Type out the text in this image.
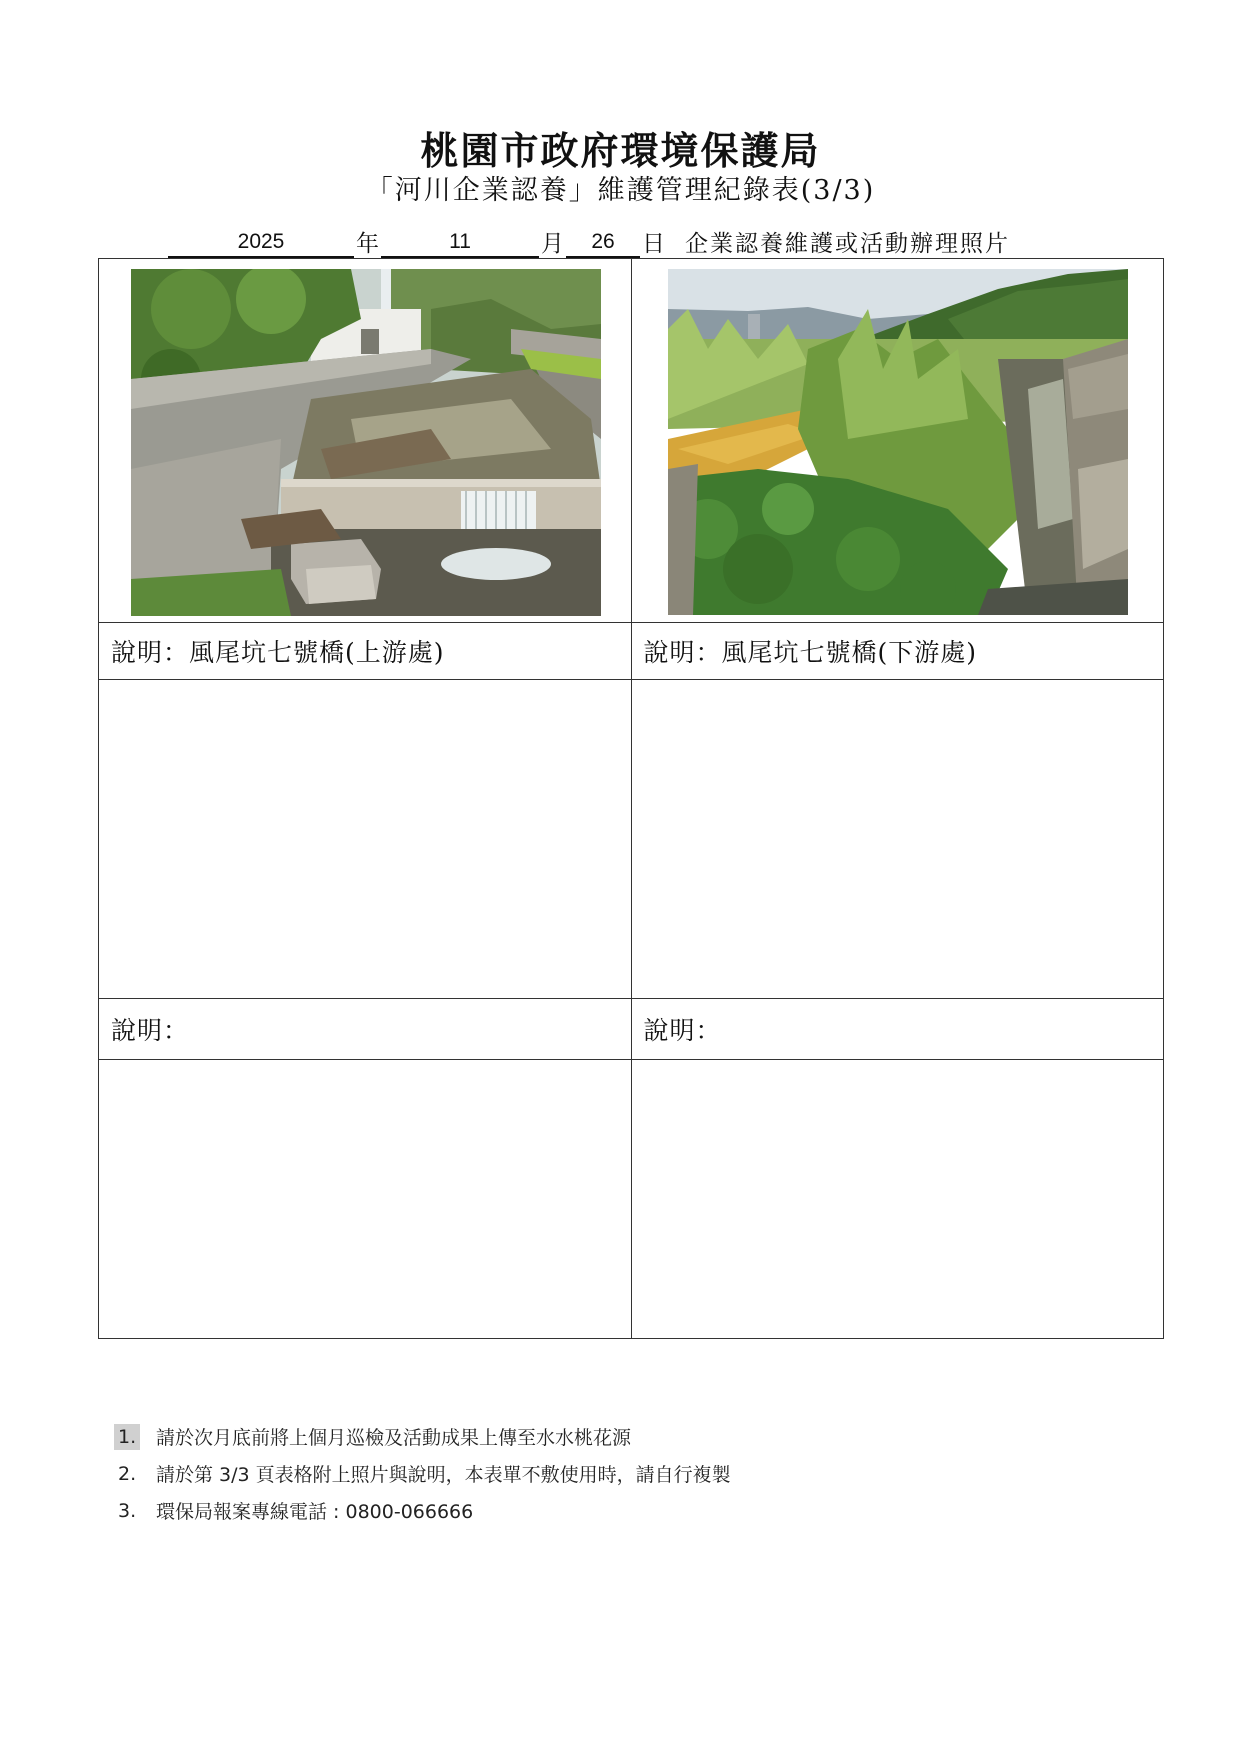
桃園市政府環境保護局
「河川企業認養」維護管理紀錄表(3/3)
2025	年	11	月	26	日 企業認養維護或活動辦理照片

說明：風尾坑七號橋(上游處)	說明：風尾坑七號橋(下游處)

說明：	說明：

1.	請於次月底前將上個月巡檢及活動成果上傳至水水桃花源
2.	請於第 3/3 頁表格附上照片與說明，本表單不敷使用時，請自行複製
3.	環保局報案專線電話 : 0800-066666
